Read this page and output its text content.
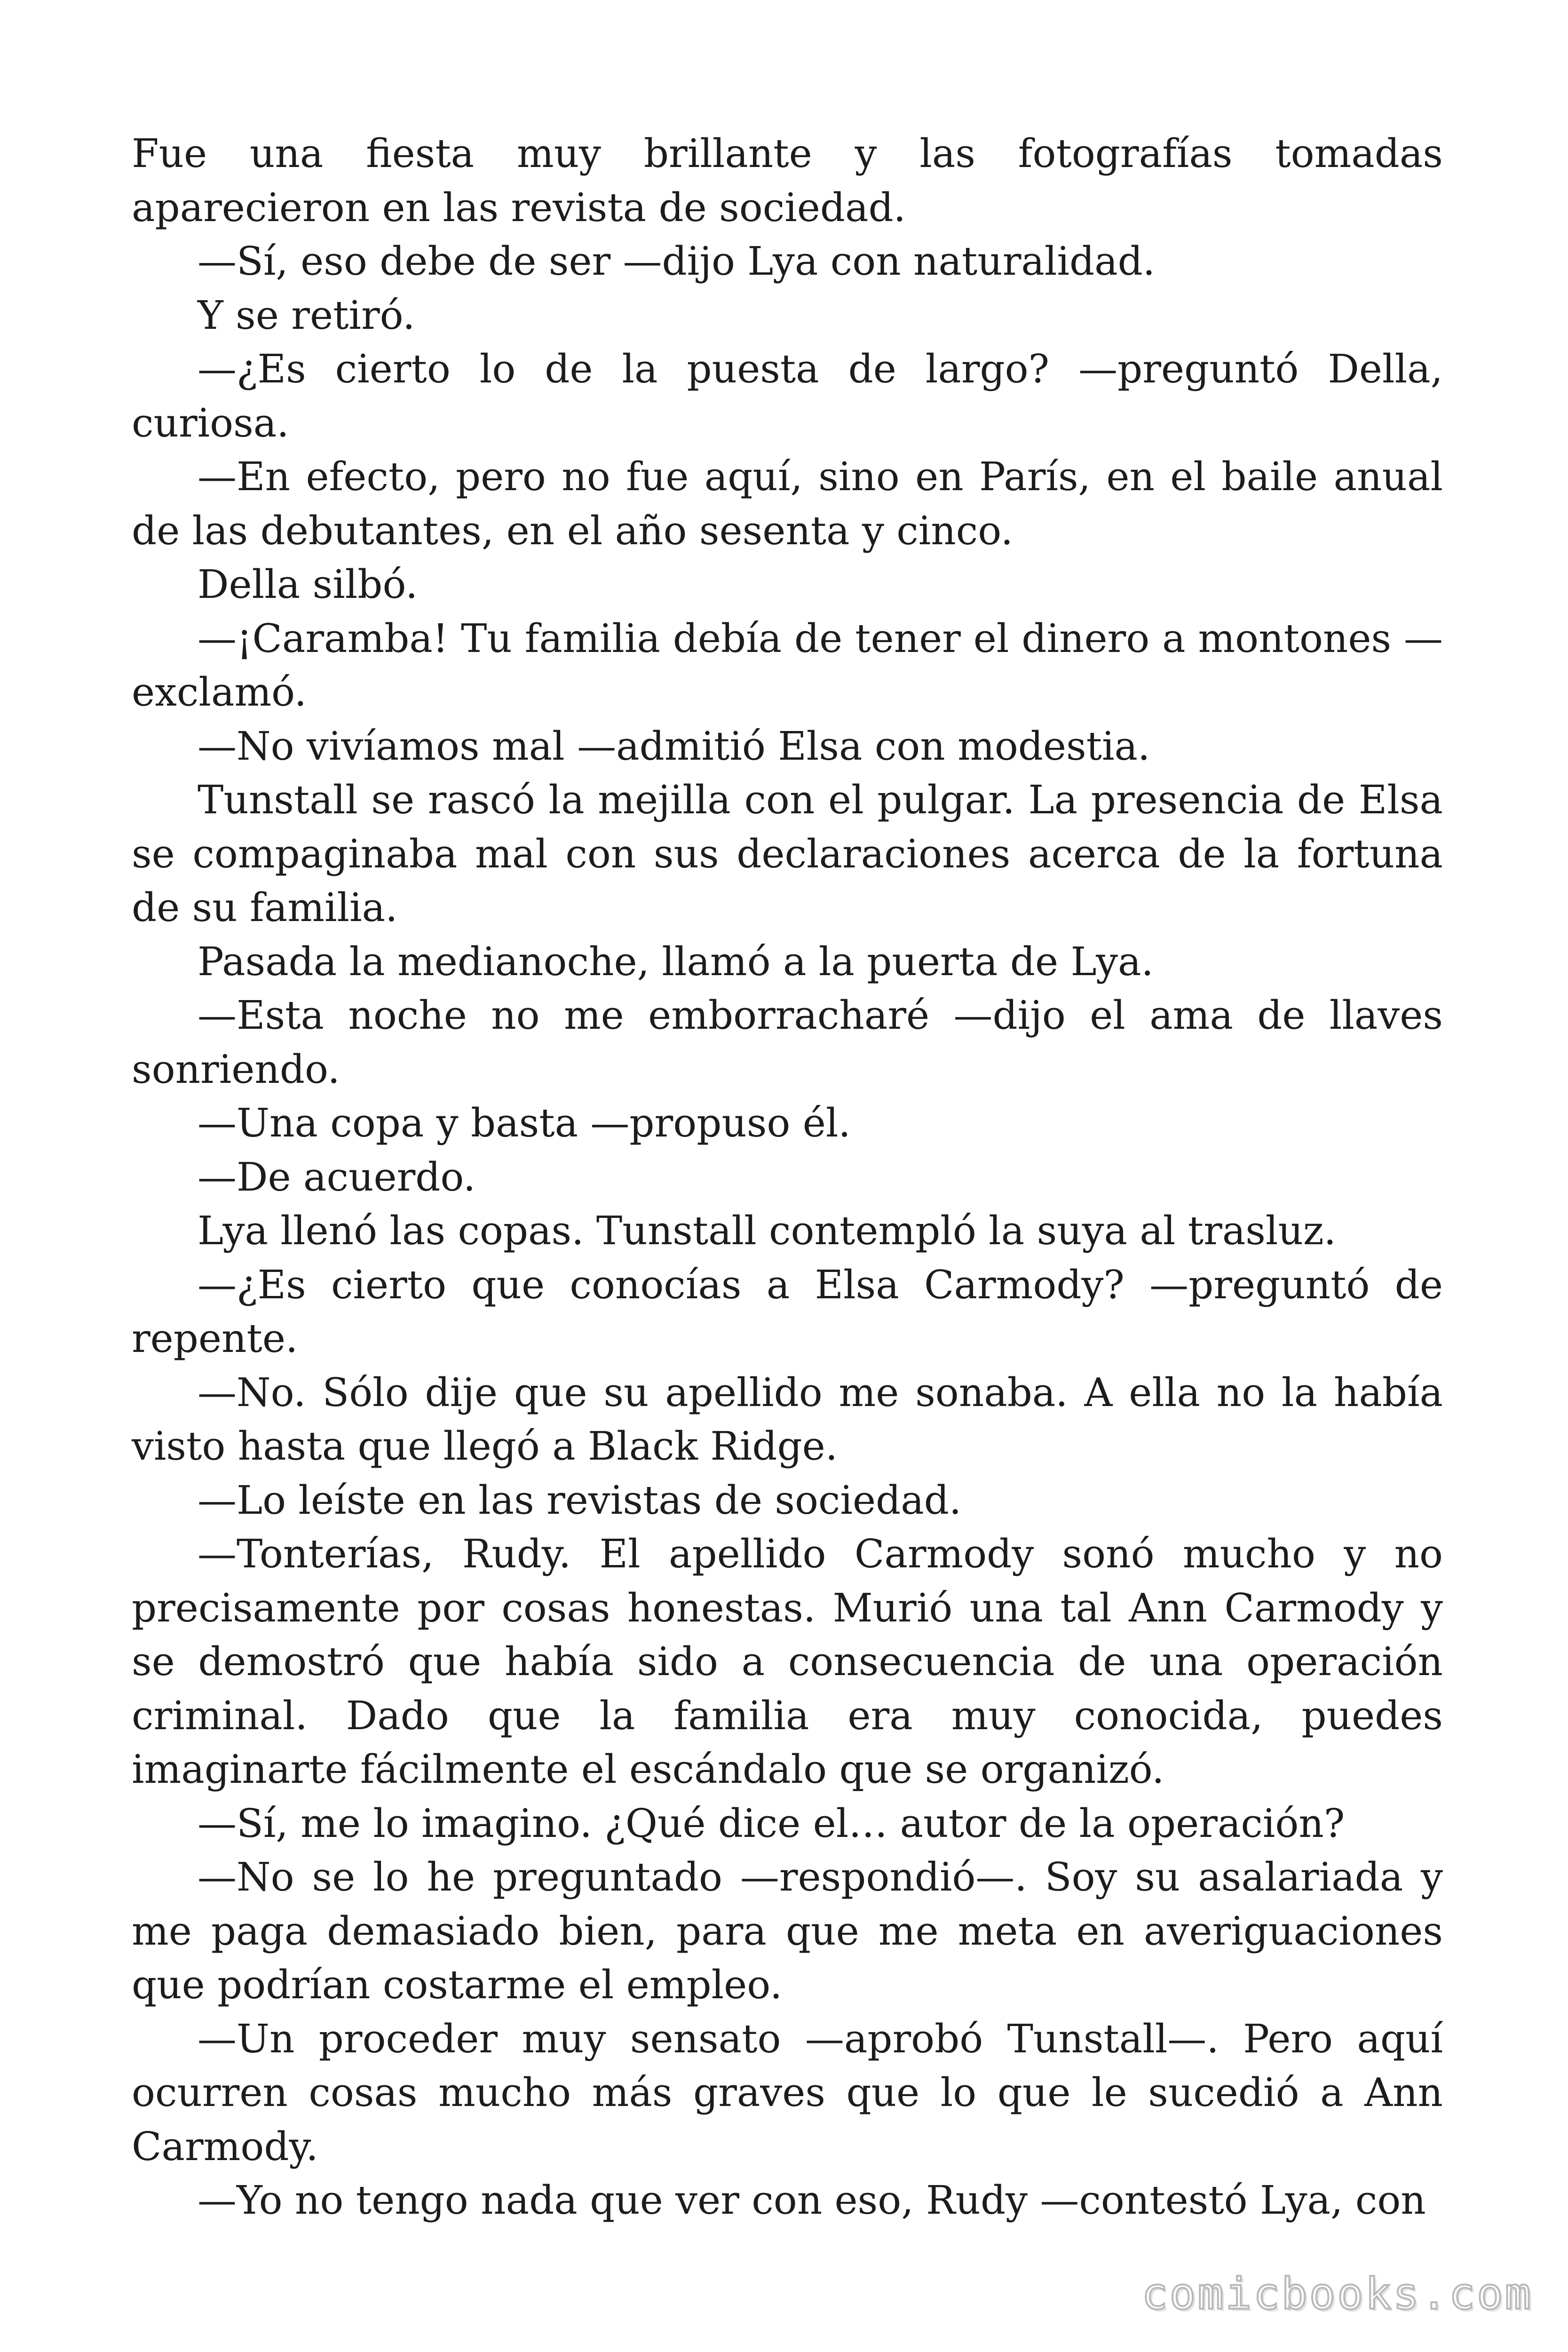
Fue una fiesta muy brillante y las fotografías tomadas aparecieron en las revista de sociedad.

—Sí, eso debe de ser —dijo Lya con naturalidad.

Y se retiró.

—¿Es cierto lo de la puesta de largo? —preguntó Della, curiosa.

—En efecto, pero no fue aquí, sino en París, en el baile anual de las debutantes, en el año sesenta y cinco.

Della silbó.

—¡Caramba! Tu familia debía de tener el dinero a montones —exclamó.

—No vivíamos mal —admitió Elsa con modestia.

Tunstall se rascó la mejilla con el pulgar. La presencia de Elsa se compaginaba mal con sus declaraciones acerca de la fortuna de su familia.

Pasada la medianoche, llamó a la puerta de Lya.

—Esta noche no me emborracharé —dijo el ama de llaves sonriendo.

—Una copa y basta —propuso él.

—De acuerdo.

Lya llenó las copas. Tunstall contempló la suya al trasluz.

—¿Es cierto que conocías a Elsa Carmody? —preguntó de repente.

—No. Sólo dije que su apellido me sonaba. A ella no la había visto hasta que llegó a Black Ridge.

—Lo leíste en las revistas de sociedad.

—Tonterías, Rudy. El apellido Carmody sonó mucho y no precisamente por cosas honestas. Murió una tal Ann Carmody y se demostró que había sido a consecuencia de una operación criminal. Dado que la familia era muy conocida, puedes imaginarte fácilmente el escándalo que se organizó.

—Sí, me lo imagino. ¿Qué dice el… autor de la operación?

—No se lo he preguntado —respondió—. Soy su asalariada y me paga demasiado bien, para que me meta en averiguaciones que podrían costarme el empleo.

—Un proceder muy sensato —aprobó Tunstall—. Pero aquí ocurren cosas mucho más graves que lo que le sucedió a Ann Carmody.

—Yo no tengo nada que ver con eso, Rudy —contestó Lya, con

comicbooks.com
